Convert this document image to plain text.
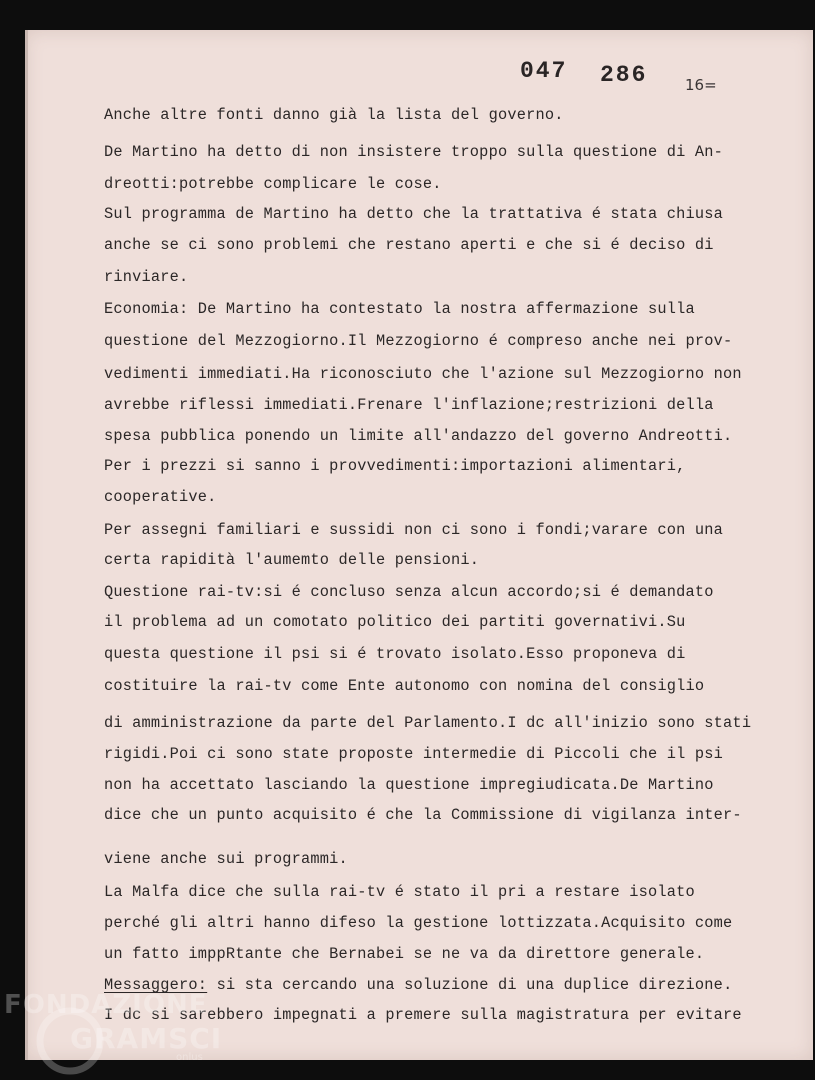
047 286	16=
Anche altre fonti danno già la lista del governo.
De Martino ha detto di non insistere troppo sulla questione di An-
dreotti:potrebbe complicare le cose.
Sul programma de Martino ha detto che la trattativa é stata chiusa
anche se ci sono problemi che restano aperti e che si é deciso di
rinviare.
Economia: De Martino ha contestato la nostra affermazione sulla
questione del Mezzogiorno.Il Mezzogiorno é compreso anche nei prov-
vedimenti immediati.Ha riconosciuto che l'azione sul Mezzogiorno non
avrebbe riflessi immediati.Frenare l'inflazione;restrizioni della
spesa pubblica ponendo un limite all'andazzo del governo Andreotti.
Per i prezzi si sanno i provvedimenti:importazioni alimentari,
cooperative.
Per assegni familiari e sussidi non ci sono i fondi;varare con una
certa rapidità l'aumemto delle pensioni.
Questione rai-tv:si é concluso senza alcun accordo;si é demandato
il problema ad un comotato politico dei partiti governativi.Su
questa questione il psi si é trovato isolato.Esso proponeva di
costituire la rai-tv come Ente autonomo con nomina del consiglio
di amministrazione da parte del Parlamento.I dc all'inizio sono stati
rigidi.Poi ci sono state proposte intermedie di Piccoli che il psi
non ha accettato lasciando la questione impregiudicata.De Martino
dice che un punto acquisito é che la Commissione di vigilanza inter-
viene anche sui programmi.
La Malfa dice che sulla rai-tv é stato il pri a restare isolato
perché gli altri hanno difeso la gestione lottizzata.Acquisito come
un fatto imppRtante che Bernabei se ne va da direttore generale.
Messaggero: si sta cercando una soluzione di una duplice direzione.
I dc si sarebbero impegnati a premere sulla magistratura per evitare
FONDAZIONE
GRAMSCI
onlus
